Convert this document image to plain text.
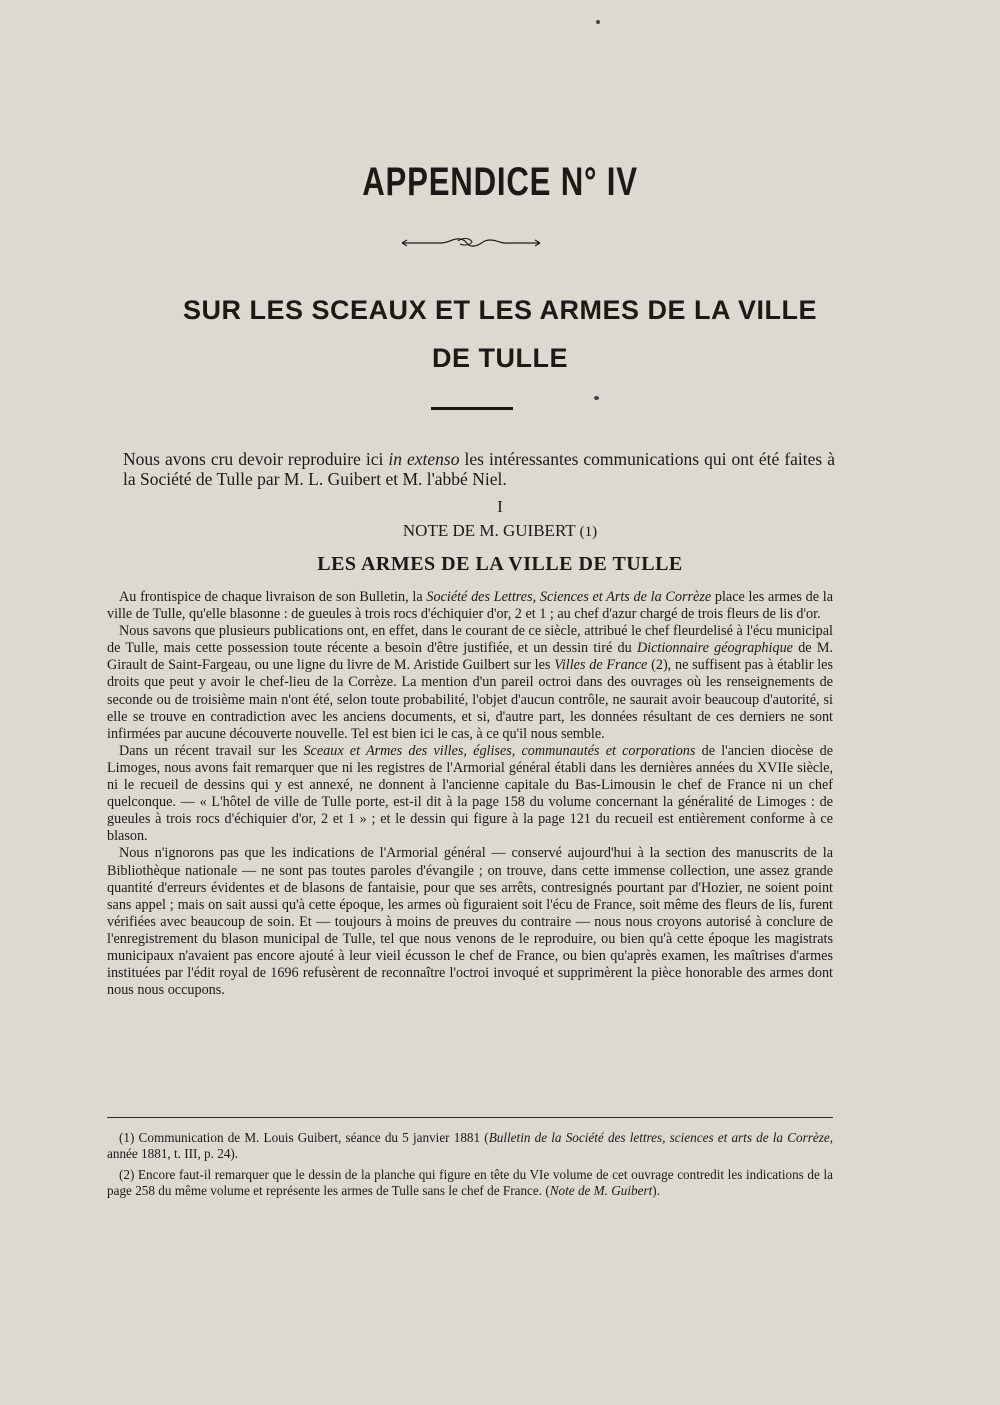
APPENDICE N° IV
SUR LES SCEAUX ET LES ARMES DE LA VILLE
DE TULLE

Nous avons cru devoir reproduire ici in extenso les intéressantes communications qui ont été faites à la Société de Tulle par M. L. Guibert et M. l'abbé Niel.

I

NOTE DE M. GUIBERT (1)

LES ARMES DE LA VILLE DE TULLE

Au frontispice de chaque livraison de son Bulletin, la Société des Lettres, Sciences et Arts de la Corrèze place les armes de la ville de Tulle, qu'elle blasonne : de gueules à trois rocs d'échiquier d'or, 2 et 1 ; au chef d'azur chargé de trois fleurs de lis d'or.

Nous savons que plusieurs publications ont, en effet, dans le courant de ce siècle, attribué le chef fleurdelisé à l'écu municipal de Tulle, mais cette possession toute récente a besoin d'être justifiée, et un dessin tiré du Dictionnaire géographique de M. Girault de Saint-Fargeau, ou une ligne du livre de M. Aristide Guilbert sur les Villes de France (2), ne suffisent pas à établir les droits que peut y avoir le chef-lieu de la Corrèze. La mention d'un pareil octroi dans des ouvrages où les renseignements de seconde ou de troisième main n'ont été, selon toute probabilité, l'objet d'aucun contrôle, ne saurait avoir beaucoup d'autorité, si elle se trouve en contradiction avec les anciens documents, et si, d'autre part, les données résultant de ces derniers ne sont infirmées par aucune découverte nouvelle. Tel est bien ici le cas, à ce qu'il nous semble.

Dans un récent travail sur les Sceaux et Armes des villes, églises, communautés et corporations de l'ancien diocèse de Limoges, nous avons fait remarquer que ni les registres de l'Armorial général établi dans les dernières années du XVIIe siècle, ni le recueil de dessins qui y est annexé, ne donnent à l'ancienne capitale du Bas-Limousin le chef de France ni un chef quelconque. — « L'hôtel de ville de Tulle porte, est-il dit à la page 158 du volume concernant la généralité de Limoges : de gueules à trois rocs d'échiquier d'or, 2 et 1 » ; et le dessin qui figure à la page 121 du recueil est entièrement conforme à ce blason.

Nous n'ignorons pas que les indications de l'Armorial général — conservé aujourd'hui à la section des manuscrits de la Bibliothèque nationale — ne sont pas toutes paroles d'évangile ; on trouve, dans cette immense collection, une assez grande quantité d'erreurs évidentes et de blasons de fantaisie, pour que ses arrêts, contresignés pourtant par d'Hozier, ne soient point sans appel ; mais on sait aussi qu'à cette époque, les armes où figuraient soit l'écu de France, soit même des fleurs de lis, furent vérifiées avec beaucoup de soin. Et — toujours à moins de preuves du contraire — nous nous croyons autorisé à conclure de l'enregistrement du blason municipal de Tulle, tel que nous venons de le reproduire, ou bien qu'à cette époque les magistrats municipaux n'avaient pas encore ajouté à leur vieil écusson le chef de France, ou bien qu'après examen, les maîtrises d'armes instituées par l'édit royal de 1696 refusèrent de reconnaître l'octroi invoqué et supprimèrent la pièce honorable des armes dont nous nous occupons.

(1) Communication de M. Louis Guibert, séance du 5 janvier 1881 (Bulletin de la Société des lettres, sciences et arts de la Corrèze, année 1881, t. III, p. 24).

(2) Encore faut-il remarquer que le dessin de la planche qui figure en tête du VIe volume de cet ouvrage contredit les indications de la page 258 du même volume et représente les armes de Tulle sans le chef de France. (Note de M. Guibert).
